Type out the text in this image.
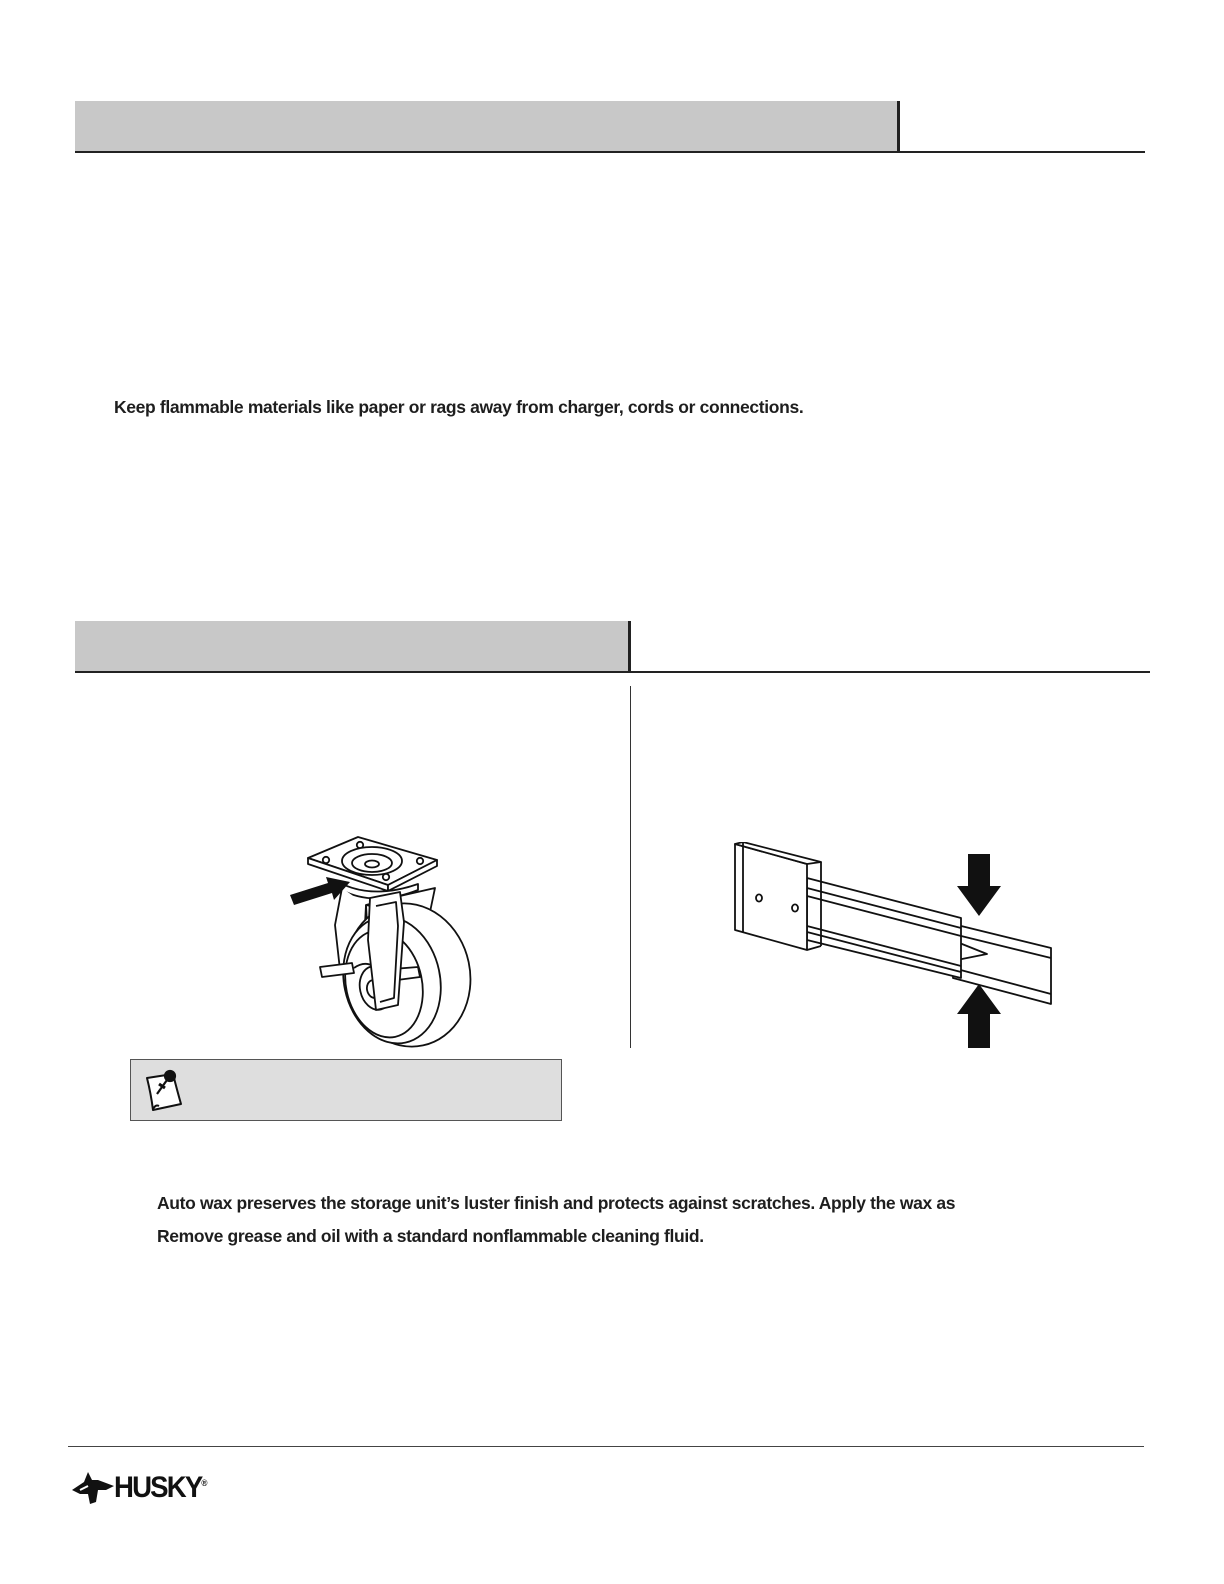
Keep flammable materials like paper or rags away from charger, cords or connections.
Auto wax preserves the storage unit’s luster finish and protects against scratches. Apply the wax as
Remove grease and oil with a standard nonflammable cleaning fluid.
HUSKY®
